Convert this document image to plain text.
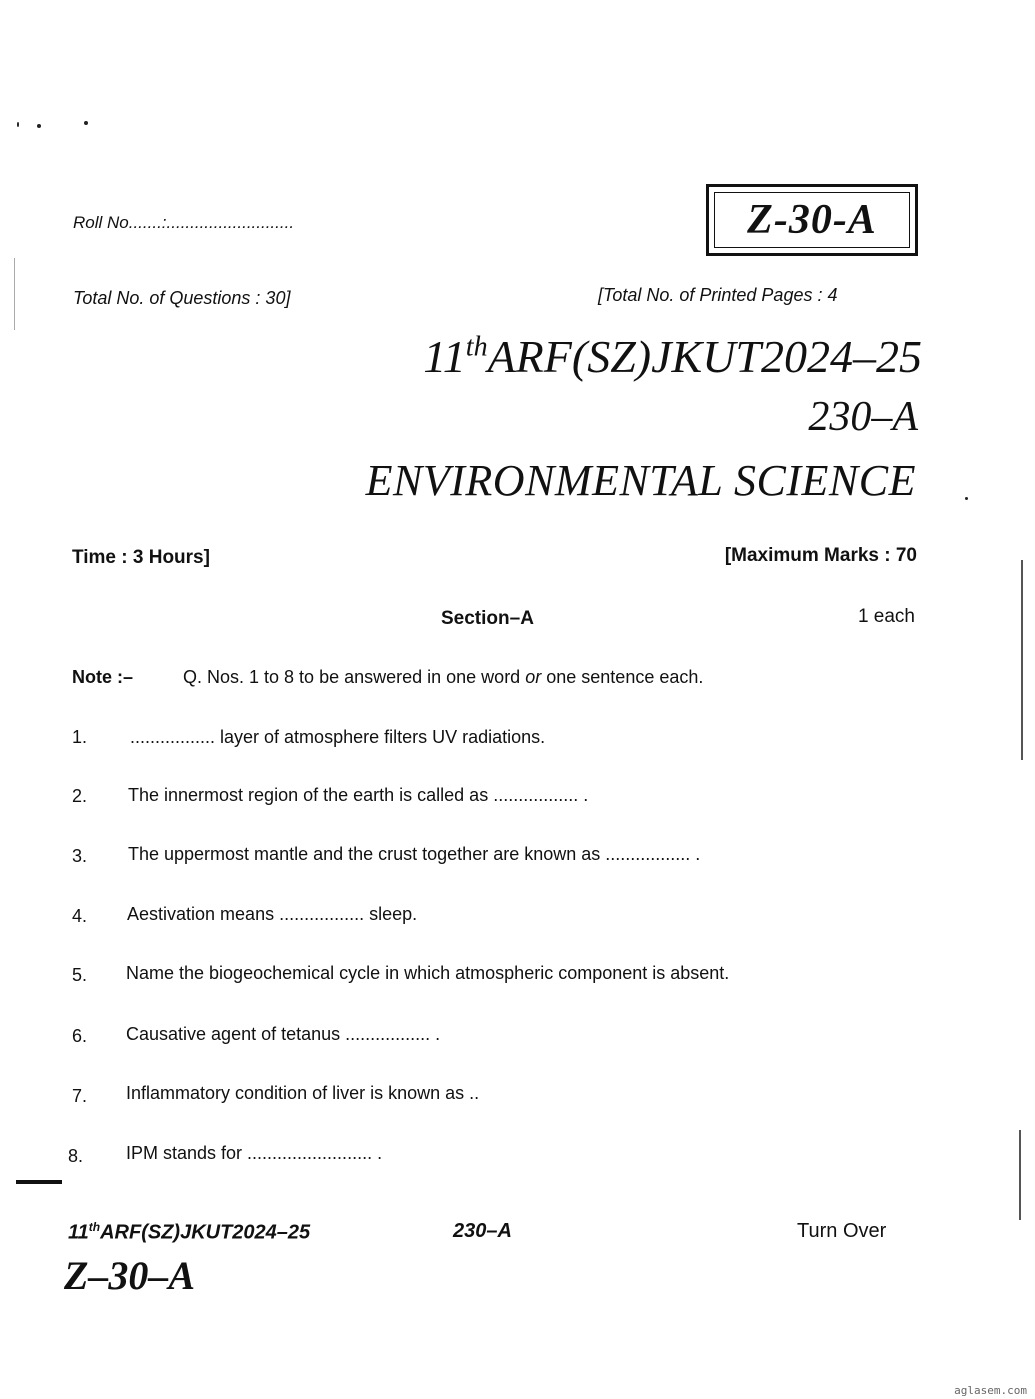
Roll No.......:...........................	Z-30-A
Total No. of Questions : 30]	[Total No. of Printed Pages : 4
11thARF(SZ)JKUT2024–25
230–A
ENVIRONMENTAL SCIENCE
Time : 3 Hours]	[Maximum Marks : 70
Section–A	1 each
Note :–	Q. Nos. 1 to 8 to be answered in one word or one sentence each.
1. ................. layer of atmosphere filters UV radiations.
2. The innermost region of the earth is called as ................. .
3. The uppermost mantle and the crust together are known as ................. .
4. Aestivation means ................. sleep.
5. Name the biogeochemical cycle in which atmospheric component is absent.
6. Causative agent of tetanus ................. .
7. Inflammatory condition of liver is known as ..
8. IPM stands for ......................... .
11thARF(SZ)JKUT2024–25	230–A	Turn Over
Z–30–A
aglasem.com
